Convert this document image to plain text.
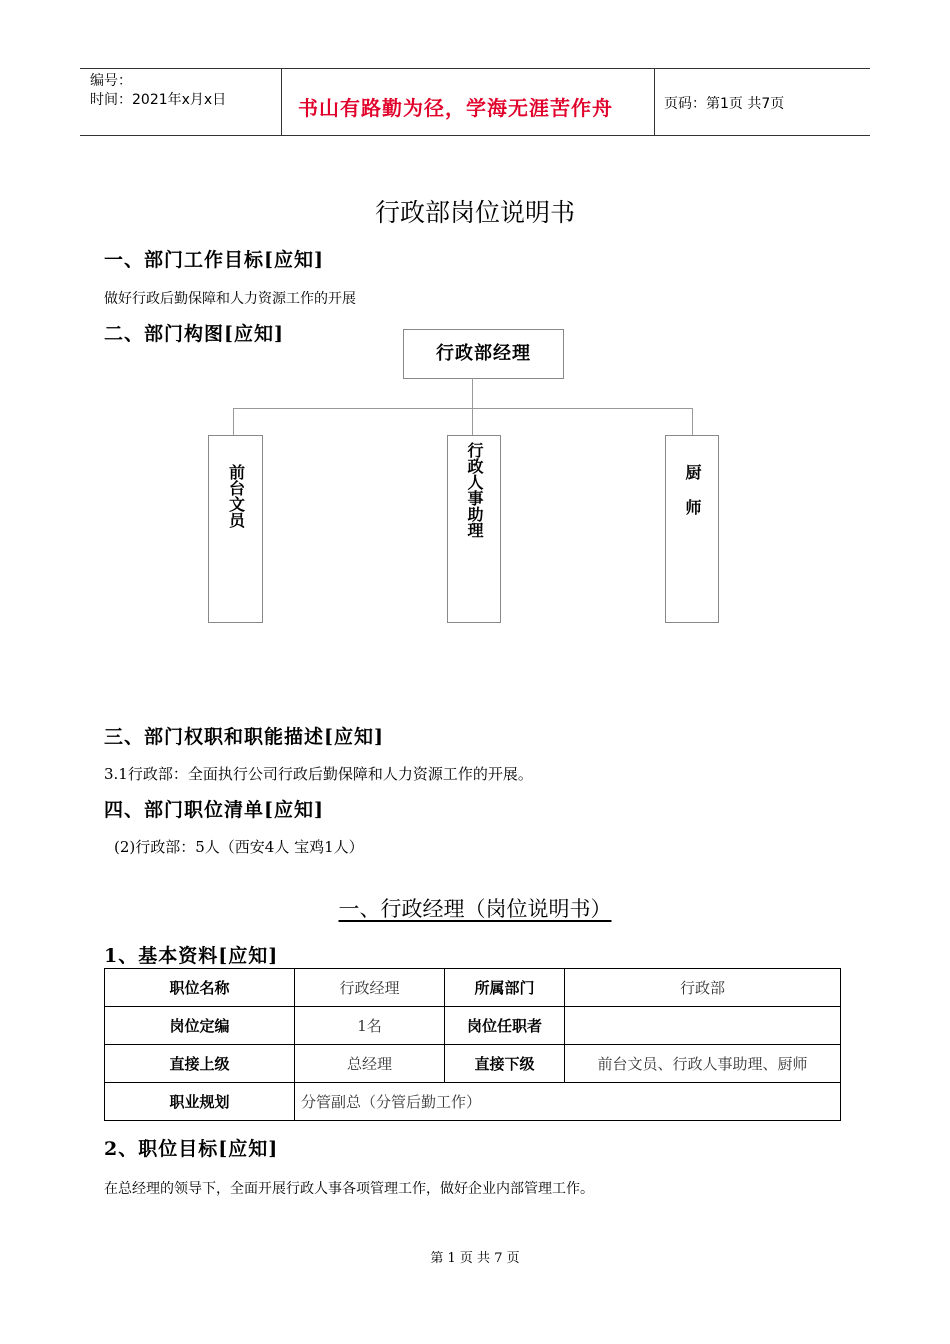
编号：
时间：2021年x月x日	书山有路勤为径，学海无涯苦作舟	页码：第1页 共7页
行政部岗位说明书
一、部门工作目标[应知]
做好行政后勤保障和人力资源工作的开展
二、部门构图[应知]
行政部经理
前台文员	行政人事助理	厨 师
三、部门权职和职能描述[应知]
3.1行政部：全面执行公司行政后勤保障和人力资源工作的开展。
四、部门职位清单[应知]
(2)行政部：5人（西安4人 宝鸡1人）
一、行政经理（岗位说明书）
1、基本资料[应知]
职位名称	行政经理	所属部门	行政部
岗位定编	1名	岗位任职者	
直接上级	总经理	直接下级	前台文员、行政人事助理、厨师
职业规划	分管副总（分管后勤工作）		
2、职位目标[应知]
在总经理的领导下，全面开展行政人事各项管理工作，做好企业内部管理工作。
第 1 页 共 7 页
